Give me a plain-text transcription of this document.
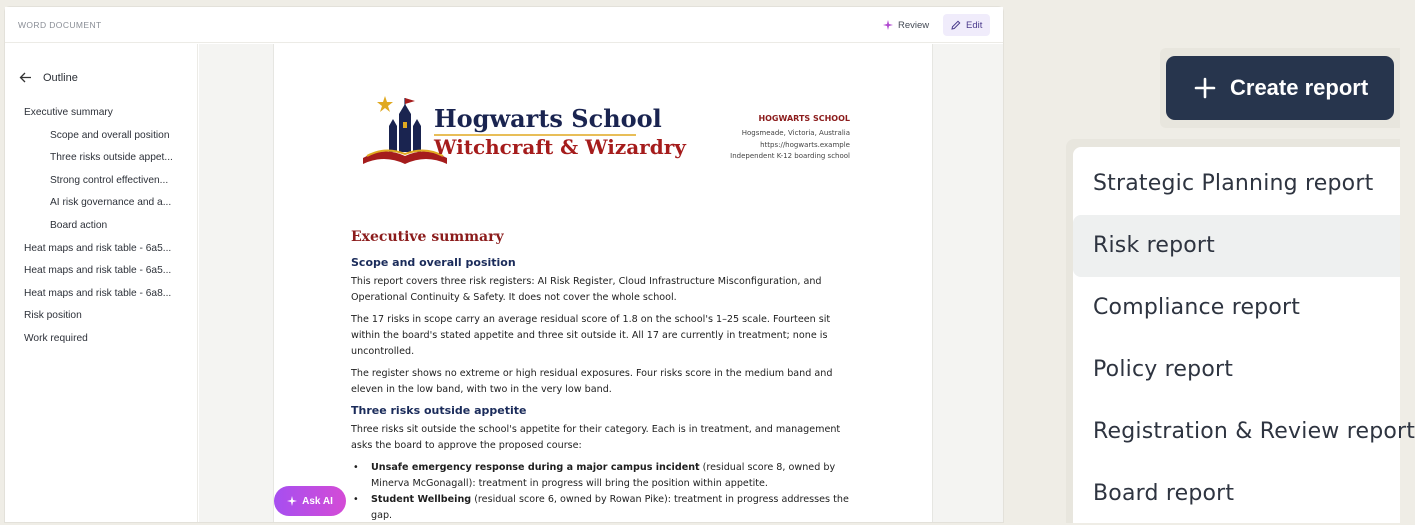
WORD DOCUMENT	Review	Edit
Outline
Executive summary
Scope and overall position
Three risks outside appet...
Strong control effectiven...
AI risk governance and a...
Board action
Heat maps and risk table - 6a5...
Heat maps and risk table - 6a5...
Heat maps and risk table - 6a8...
Risk position
Work required
Hogwarts School
Witchcraft & Wizardry
HOGWARTS SCHOOL
Hogsmeade, Victoria, Australia
https://hogwarts.example
Independent K-12 boarding school
Executive summary
Scope and overall position

This report covers three risk registers: AI Risk Register, Cloud Infrastructure Misconfiguration, and Operational Continuity & Safety. It does not cover the whole school.

The 17 risks in scope carry an average residual score of 1.8 on the school's 1–25 scale. Fourteen sit within the board's stated appetite and three sit outside it. All 17 are currently in treatment; none is uncontrolled.

The register shows no extreme or high residual exposures. Four risks score in the medium band and eleven in the low band, with two in the very low band.

Three risks outside appetite

Three risks sit outside the school's appetite for their category. Each is in treatment, and management asks the board to approve the proposed course:

• Unsafe emergency response during a major campus incident (residual score 8, owned by Minerva McGonagall): treatment in progress will bring the position within appetite.
• Student Wellbeing (residual score 6, owned by Rowan Pike): treatment in progress addresses the gap.
Ask AI
Create report
Strategic Planning report
Risk report
Compliance report
Policy report
Registration & Review report
Board report
